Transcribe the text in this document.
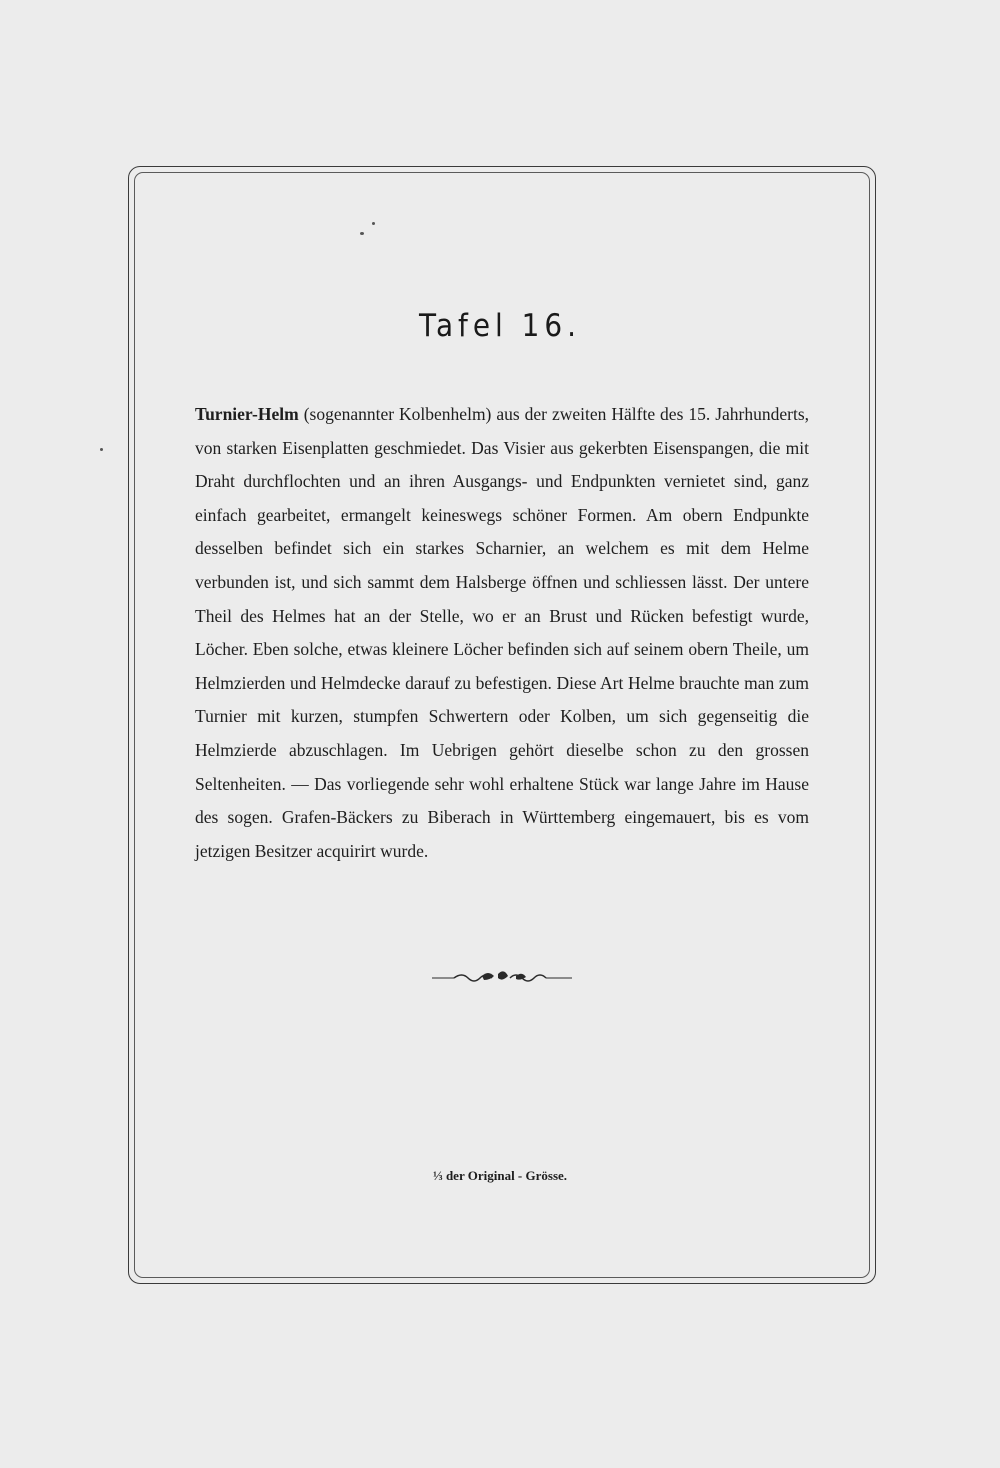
Tafel 16.

Turnier-Helm (sogenannter Kolbenhelm) aus der zweiten Hälfte des 15. Jahrhunderts, von starken Eisenplatten geschmiedet. Das Visier aus gekerbten Eisenspangen, die mit Draht durchflochten und an ihren Ausgangs- und Endpunkten vernietet sind, ganz einfach gearbeitet, ermangelt keineswegs schöner Formen. Am obern Endpunkte desselben befindet sich ein starkes Scharnier, an welchem es mit dem Helme verbunden ist, und sich sammt dem Halsberge öffnen und schliessen lässt. Der untere Theil des Helmes hat an der Stelle, wo er an Brust und Rücken befestigt wurde, Löcher. Eben solche, etwas kleinere Löcher befinden sich auf seinem obern Theile, um Helmzierden und Helmdecke darauf zu befestigen. Diese Art Helme brauchte man zum Turnier mit kurzen, stumpfen Schwertern oder Kolben, um sich gegenseitig die Helmzierde abzuschlagen. Im Uebrigen gehört dieselbe schon zu den grossen Seltenheiten. — Das vorliegende sehr wohl erhaltene Stück war lange Jahre im Hause des sogen. Grafen-Bäckers zu Biberach in Württemberg eingemauert, bis es vom jetzigen Besitzer acquirirt wurde.

⅓ der Original - Grösse.
